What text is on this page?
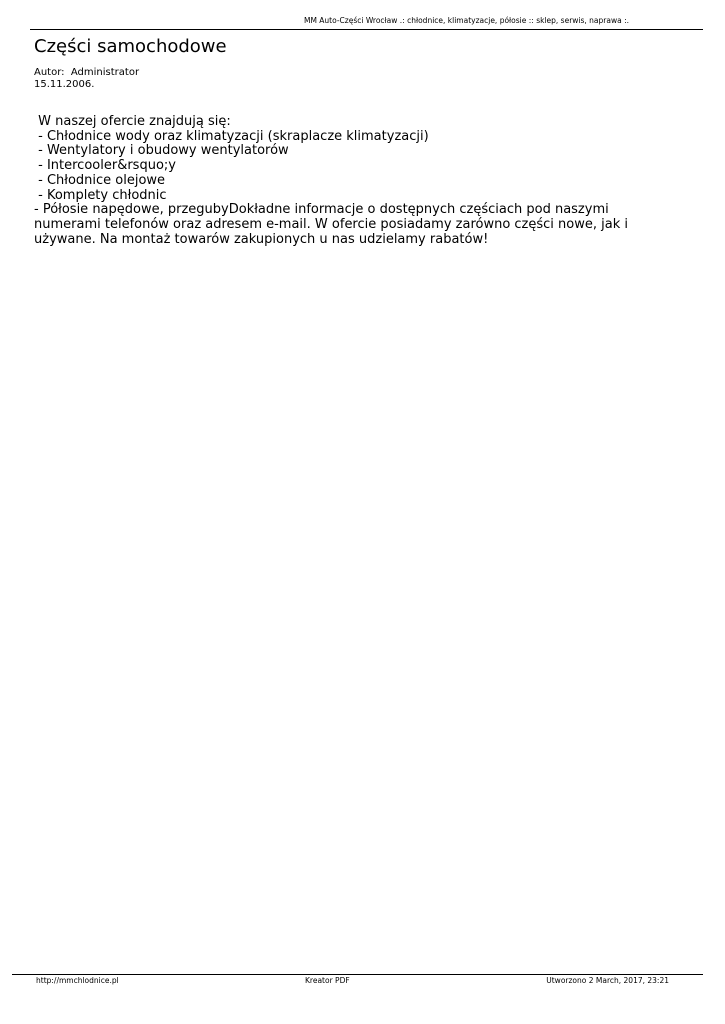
MM Auto-Części Wrocław .: chłodnice, klimatyzacje, półosie :: sklep, serwis, naprawa :.
Części samochodowe
Autor: Administrator
15.11.2006.
W naszej ofercie znajdują się:
- Chłodnice wody oraz klimatyzacji (skraplacze klimatyzacji)
- Wentylatory i obudowy wentylatorów
- Intercooler&rsquo;y
- Chłodnice olejowe
- Komplety chłodnic
- Półosie napędowe, przegubyDokładne informacje o dostępnych częściach pod naszymi numerami telefonów oraz adresem e-mail. W ofercie posiadamy zarówno części nowe, jak i używane. Na montaż towarów zakupionych u nas udzielamy rabatów!
http://mmchlodnice.pl	Kreator PDF	Utworzono 2 March, 2017, 23:21
